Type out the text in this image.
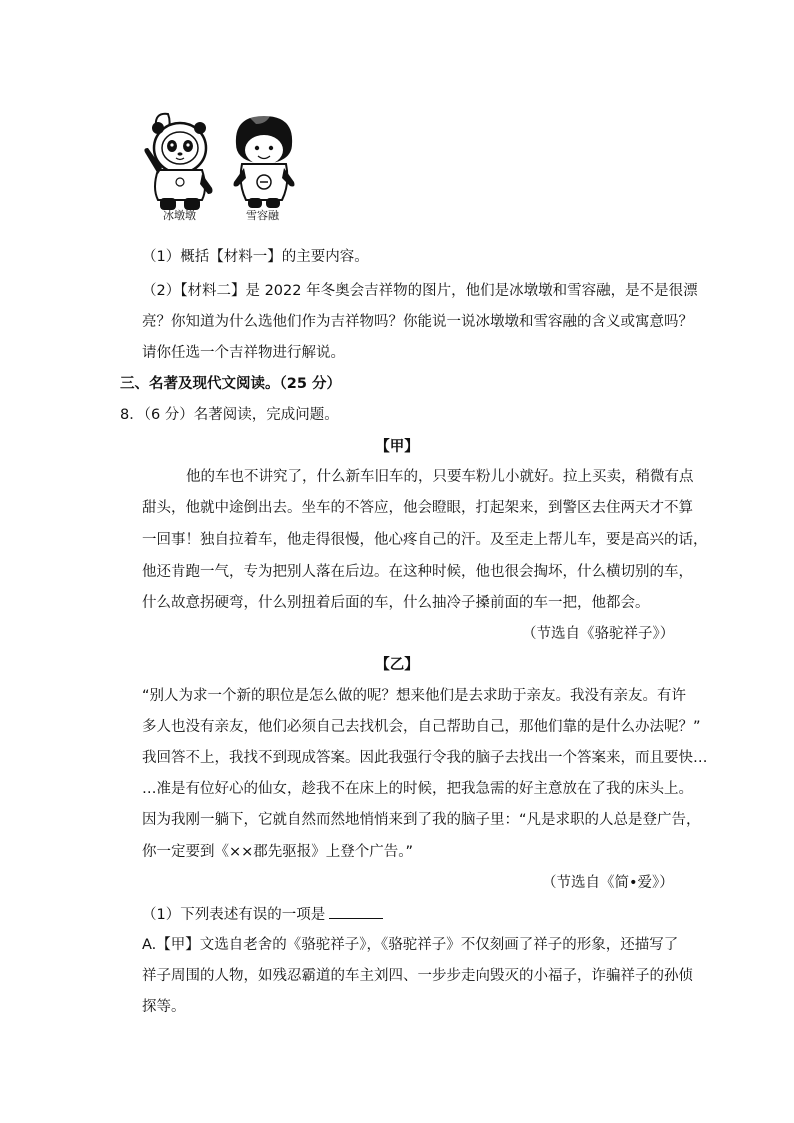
冰墩墩	雪容融
（1）概括【材料一】的主要内容。
（2）【材料二】是 2022 年冬奥会吉祥物的图片，他们是冰墩墩和雪容融，是不是很漂
亮？你知道为什么选他们作为吉祥物吗？你能说一说冰墩墩和雪容融的含义或寓意吗？
请你任选一个吉祥物进行解说。
三、名著及现代文阅读。（25 分）
8．（6 分）名著阅读，完成问题。
【甲】
他的车也不讲究了，什么新车旧车的，只要车粉儿小就好。拉上买卖，稍微有点
甜头，他就中途倒出去。坐车的不答应，他会瞪眼，打起架来，到警区去住两天才不算
一回事！独自拉着车，他走得很慢，他心疼自己的汗。及至走上帮儿车，要是高兴的话，
他还肯跑一气，专为把别人落在后边。在这种时候，他也很会掏坏，什么横切别的车，
什么故意拐硬弯，什么别扭着后面的车，什么抽冷子搡前面的车一把，他都会。
（节选自《骆驼祥子》）
【乙】
“别人为求一个新的职位是怎么做的呢？想来他们是去求助于亲友。我没有亲友。有许
多人也没有亲友，他们必须自己去找机会，自己帮助自己，那他们靠的是什么办法呢？”
我回答不上，我找不到现成答案。因此我强行令我的脑子去找出一个答案来，而且要快…
…准是有位好心的仙女，趁我不在床上的时候，把我急需的好主意放在了我的床头上。
因为我刚一躺下，它就自然而然地悄悄来到了我的脑子里：“凡是求职的人总是登广告，
你一定要到《××郡先驱报》上登个广告。”
（节选自《简•爱》）
（1）下列表述有误的一项是
A.【甲】文选自老舍的《骆驼祥子》，《骆驼祥子》不仅刻画了祥子的形象，还描写了
祥子周围的人物，如残忍霸道的车主刘四、一步步走向毁灭的小福子，诈骗祥子的孙侦
探等。
